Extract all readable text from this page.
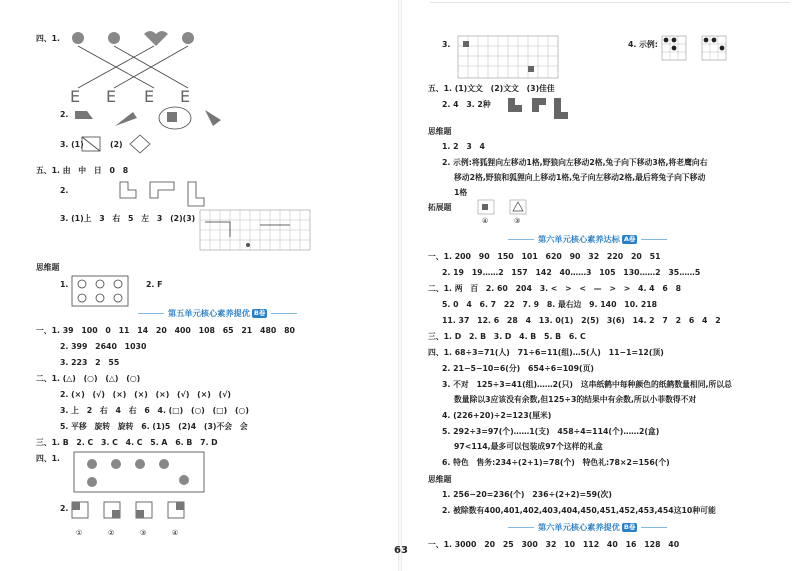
四、1.
E E E E
2.
3. (1)	(2)
五、1. 由　中　日　0　8
2.
3. (1)上　3　右　5　左　3　(2)(3)
思维题
1.	2. F
第五单元核心素养提优 B卷
一、1. 39　100　0　11　14　20　400　108　65　21　480　80
2. 399　2640　1030
3. 223　2　55
二、1. (△)　(○)　(△)　(○)
2. (×)　(√)　(×)　(×)　(×)　(√)　(×)　(√)
3. 上　2　右　4　右　6　4. (□)　(○)　(□)　(○)
5. 平移　旋转　旋转　6. (1)5　(2)4　(3)不会　会
三、1. B　2. C　3. C　4. C　5. A　6. B　7. D
四、1.
2.
①	②	③	④
3.	4. 示例:
五、1. (1)文文　(2)文文　(3)佳佳
2. 4　3. 2种
思维题
1. 2　3　4
2. 示例:将狐狸向左移动1格,野狼向左移动2格,兔子向下移动3格,将老鹰向右
移动2格,野狼和狐狸向上移动1格,兔子向左移动2格,最后将兔子向下移动
1格
拓展题
④	③
第六单元核心素养达标 A卷
一、1. 200　90　150　101　620　90　32　220　20　51
2. 19　19……2　157　142　40……3　105　130……2　35……5
二、1. 两　百　2. 60　204　3. <　>　<　—　>　>　4. 4　6　8
5. 0　4　6. 7　22　7. 9　8. 最右边　9. 140　10. 218
11. 37　12. 6　28　4　13. 0(1)　2(5)　3(6)　14. 2　7　2　6　4　2
三、1. D　2. B　3. D　4. B　5. B　6. C
四、1. 68÷3=71(人)　71÷6=11(组)…5(人)　11−1=12(顶)
2. 21−5−10=6(分)　654÷6=109(页)
3. 不对　125÷3=41(组)……2(只)　这串纸鹤中每种颜色的纸鹤数量相同,所以总
数量除以3应该没有余数,但125÷3的结果中有余数,所以小菲数得不对
4. (226+20)÷2=123(厘米)
5. 292÷3=97(个)……1(支)　458÷4=114(个)……2(盒)
97<114,最多可以包装成97个这样的礼盒
6. 特色　售务:234÷(2+1)=78(个)　特色礼:78×2=156(个)
思维题
1. 256−20=236(个)　236÷(2+2)=59(次)
2. 被除数有400,401,402,403,404,450,451,452,453,454这10种可能
第六单元核心素养提优 B卷
一、1. 3000　20　25　300　32　10　112　40　16　128　40
63
